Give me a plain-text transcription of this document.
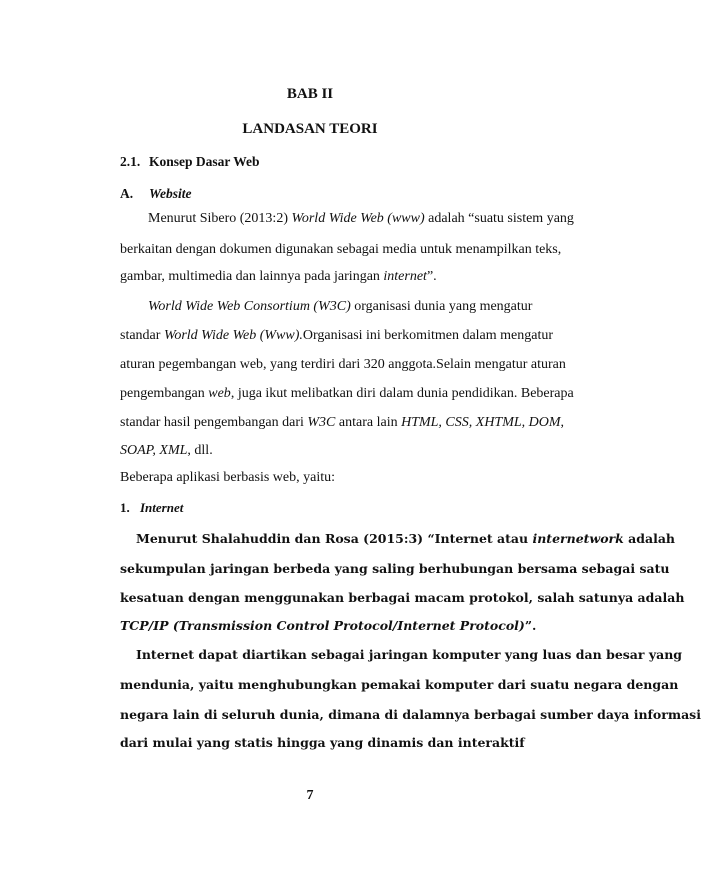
BAB II
LANDASAN TEORI
2.1. Konsep Dasar Web
A. Website
Menurut Sibero (2013:2) World Wide Web (www) adalah “suatu sistem yang
berkaitan dengan dokumen digunakan sebagai media untuk menampilkan teks,
gambar, multimedia dan lainnya pada jaringan internet”.
World Wide Web Consortium (W3C) organisasi dunia yang mengatur
standar World Wide Web (Www).Organisasi ini berkomitmen dalam mengatur
aturan pegembangan web, yang terdiri dari 320 anggota.Selain mengatur aturan
pengembangan web, juga ikut melibatkan diri dalam dunia pendidikan. Beberapa
standar hasil pengembangan dari W3C antara lain HTML, CSS, XHTML, DOM,
SOAP, XML, dll.
Beberapa aplikasi berbasis web, yaitu:
1. Internet
Menurut Shalahuddin dan Rosa (2015:3) “Internet atau internetwork adalah
sekumpulan jaringan berbeda yang saling berhubungan bersama sebagai satu
kesatuan dengan menggunakan berbagai macam protokol, salah satunya adalah
TCP/IP (Transmission Control Protocol/Internet Protocol)”.
Internet dapat diartikan sebagai jaringan komputer yang luas dan besar yang
mendunia, yaitu menghubungkan pemakai komputer dari suatu negara dengan
negara lain di seluruh dunia, dimana di dalamnya berbagai sumber daya informasi
dari mulai yang statis hingga yang dinamis dan interaktif
7
